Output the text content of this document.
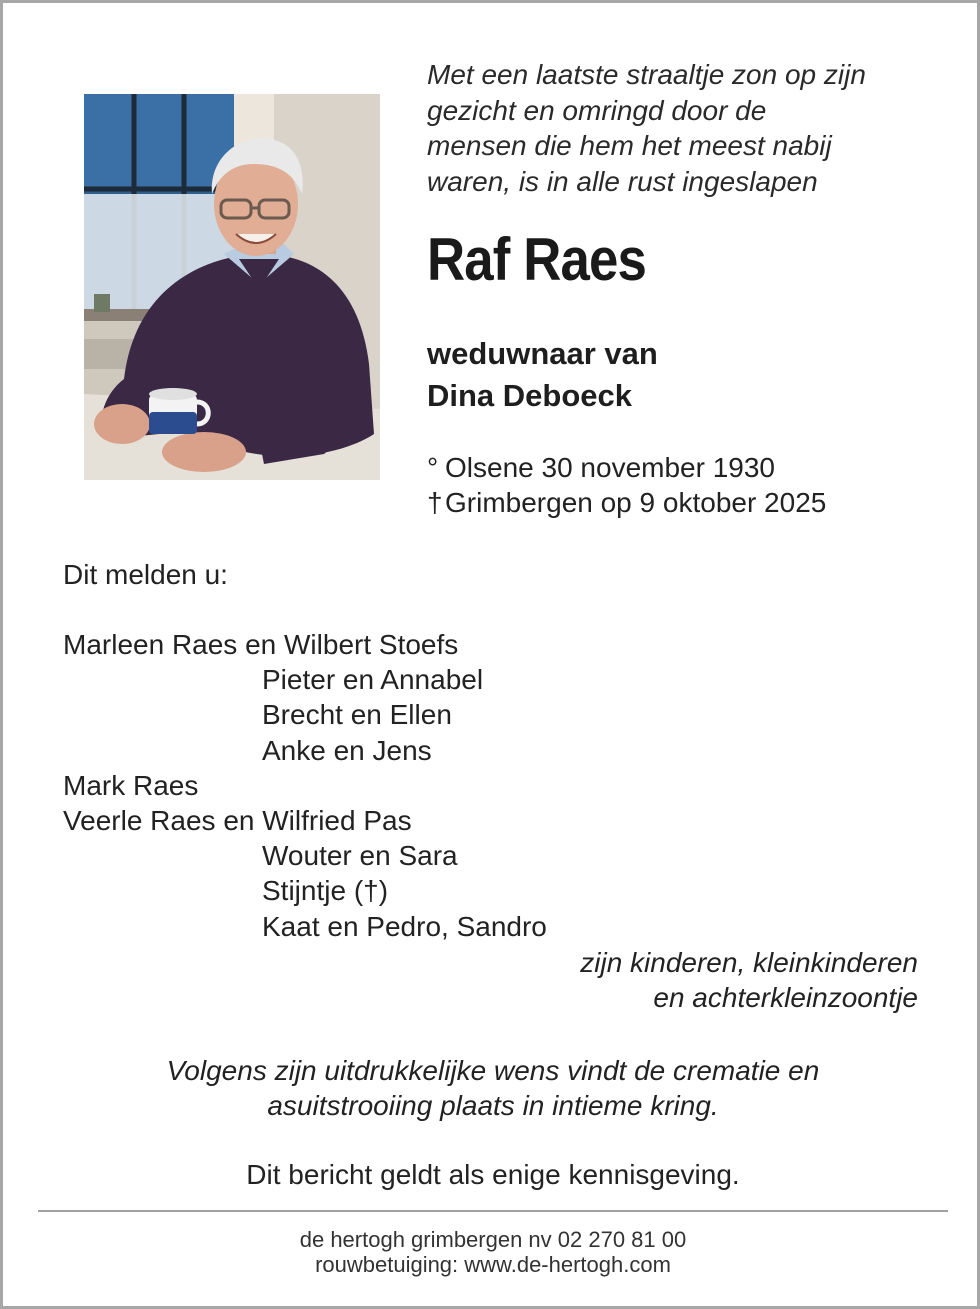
Met een laatste straaltje zon op zijn
gezicht en omringd door de
mensen die hem het meest nabij
waren, is in alle rust ingeslapen
Raf Raes
weduwnaar van
Dina Deboeck
° Olsene 30 november 1930
†Grimbergen op 9 oktober 2025
Dit melden u:
Marleen Raes en Wilbert Stoefs
Pieter en Annabel
Brecht en Ellen
Anke en Jens
Mark Raes
Veerle Raes en Wilfried Pas
Wouter en Sara
Stijntje (†)
Kaat en Pedro, Sandro
zijn kinderen, kleinkinderen
en achterkleinzoontje
Volgens zijn uitdrukkelijke wens vindt de crematie en
asuitstrooiing plaats in intieme kring.
Dit bericht geldt als enige kennisgeving.
de hertogh grimbergen nv 02 270 81 00
rouwbetuiging: www.de-hertogh.com
